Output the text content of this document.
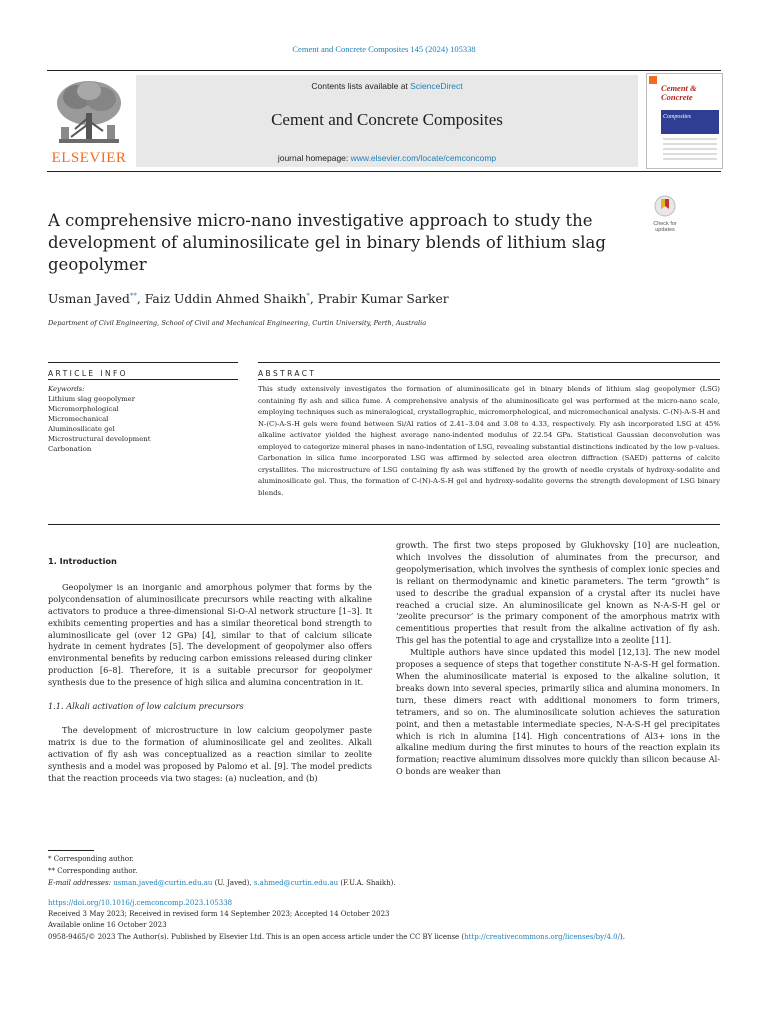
Cement and Concrete Composites 145 (2024) 105338
ELSEVIER
Contents lists available at ScienceDirect
Cement and Concrete Composites
journal homepage: www.elsevier.com/locate/cemconcomp
Cement &
Concrete
Composites
Check for
updates
A comprehensive micro-nano investigative approach to study the development of aluminosilicate gel in binary blends of lithium slag geopolymer
Usman Javed**, Faiz Uddin Ahmed Shaikh*, Prabir Kumar Sarker
Department of Civil Engineering, School of Civil and Mechanical Engineering, Curtin University, Perth, Australia
ARTICLE INFO	ABSTRACT
Keywords:
Lithium slag geopolymer
Micromorphological
Micromechanical
Aluminosilicate gel
Microstructural development
Carbonation
This study extensively investigates the formation of aluminosilicate gel in binary blends of lithium slag geopolymer (LSG) containing fly ash and silica fume. A comprehensive analysis of the aluminosilicate gel was performed at the micro-nano scale, employing techniques such as mineralogical, crystallographic, micromorphological, and micromechanical analysis. C-(N)-A-S-H and N-(C)-A-S-H gels were found between Si/Al ratios of 2.41–3.04 and 3.08 to 4.33, respectively. Fly ash incorporated LSG at 45% alkaline activator yielded the highest average nano-indented modulus of 22.54 GPa. Statistical Gaussian deconvolution was employed to categorize mineral phases in nano-indentation of LSG, revealing substantial distinctions indicated by the low p-values. Carbonation in silica fume incorporated LSG was affirmed by selected area electron diffraction (SAED) patterns of calcite crystallites. The microstructure of LSG containing fly ash was stiffened by the growth of needle crystals of hydroxy-sodalite and aluminosilicate gel. Thus, the formation of C-(N)-A-S-H gel and hydroxy-sodalite governs the strength development of LSG binary blends.
1. Introduction

Geopolymer is an inorganic and amorphous polymer that forms by the polycondensation of aluminosilicate precursors while reacting with alkaline activators to produce a three-dimensional Si-O-Al network structure [1–3]. It exhibits cementing properties and has a similar theoretical bond strength to aluminosilicate gel (over 12 GPa) [4], similar to that of calcium silicate hydrate in cement hydrates [5]. The development of geopolymer also offers environmental benefits by reducing carbon emissions released during clinker production [6–8]. Therefore, it is a suitable precursor for geopolymer synthesis due to the presence of high silica and alumina concentration in it.

1.1. Alkali activation of low calcium precursors

The development of microstructure in low calcium geopolymer paste matrix is due to the formation of aluminosilicate gel and zeolites. Alkali activation of fly ash was conceptualized as a reaction similar to zeolite synthesis and a model was proposed by Palomo et al. [9]. The model predicts that the reaction proceeds via two stages: (a) nucleation, and (b)

growth. The first two steps proposed by Glukhovsky [10] are nucleation, which involves the dissolution of aluminates from the precursor, and geopolymerisation, which involves the synthesis of complex ionic species and is reliant on thermodynamic and kinetic parameters. The term “growth” is used to describe the gradual expansion of a crystal after its nuclei have reached a crucial size. An aluminosilicate gel known as N-A-S-H gel or ‘zeolite precursor’ is the primary component of the amorphous matrix with cementitious properties that result from the alkaline activation of fly ash. This gel has the potential to age and crystallize into a zeolite [11].

Multiple authors have since updated this model [12,13]. The new model proposes a sequence of steps that together constitute N-A-S-H gel formation. When the aluminosilicate material is exposed to the alkaline solution, it breaks down into several species, primarily silica and alumina monomers. In turn, these dimers react with additional monomers to form trimers, tetramers, and so on. The aluminosilicate solution achieves the saturation point, and then a metastable intermediate species, N-A-S-H gel precipitates which is rich in alumina [14]. High concentrations of Al3+ ions in the alkaline medium during the first minutes to hours of the reaction explain its formation; reactive aluminum dissolves more quickly than silicon because Al-O bonds are weaker than

* Corresponding author.
** Corresponding author.
E-mail addresses: usman.javed@curtin.edu.au (U. Javed), s.ahmed@curtin.edu.au (F.U.A. Shaikh).
https://doi.org/10.1016/j.cemconcomp.2023.105338
Received 3 May 2023; Received in revised form 14 September 2023; Accepted 14 October 2023
Available online 16 October 2023
0958-9465/© 2023 The Author(s). Published by Elsevier Ltd. This is an open access article under the CC BY license (http://creativecommons.org/licenses/by/4.0/).
